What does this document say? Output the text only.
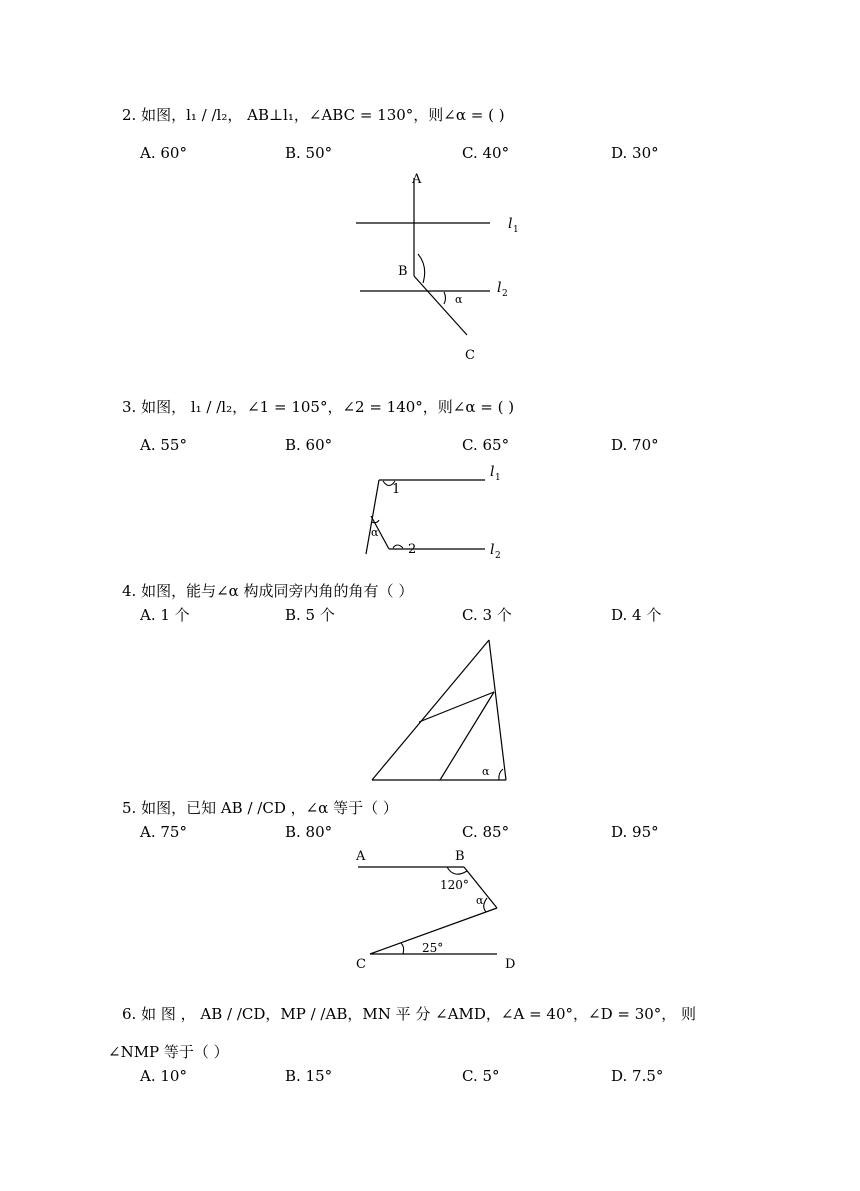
2. 如图，l₁ / /l₂， AB⊥l₁，∠ABC = 130°，则∠α = ( )
A. 60°	B. 50°	C. 40°	D. 30°
A
B
C
α
l 1
l 2
3. 如图， l₁ / /l₂，∠1 = 105°，∠2 = 140°，则∠α = ( )
A. 55°	B. 60°	C. 65°	D. 70°
1
2
α
l 1
l 2
4. 如图，能与∠α 构成同旁内角的角有（ ）
A. 1 个	B. 5 个	C. 3 个	D. 4 个
α
5. 如图，已知 AB / /CD ，∠α 等于（ ）
A. 75°	B. 80°	C. 85°	D. 95°
A	B
C	D
120°
25°
α
6. 如 图 ， AB / /CD，MP / /AB，MN 平 分 ∠AMD，∠A = 40°，∠D = 30°， 则
∠NMP 等于（ ）
A. 10°	B. 15°	C. 5°	D. 7.5°
